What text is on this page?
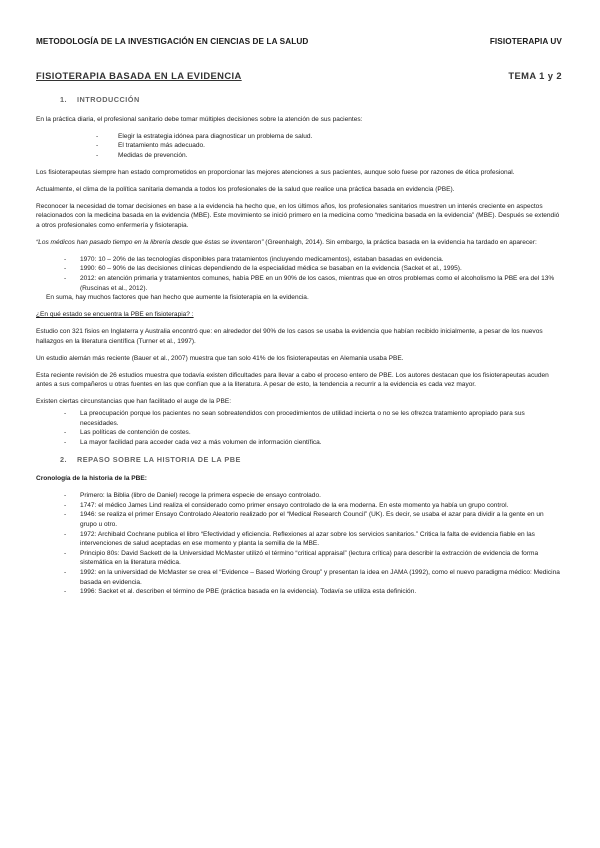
METODOLOGÍA DE LA INVESTIGACIÓN EN CIENCIAS DE LA SALUD	FISIOTERAPIA UV
FISIOTERAPIA BASADA EN LA EVIDENCIA	TEMA 1 y 2
1. INTRODUCCIÓN

En la práctica diaria, el profesional sanitario debe tomar múltiples decisiones sobre la atención de sus pacientes:

- Elegir la estrategia idónea para diagnosticar un problema de salud.
- El tratamiento más adecuado.
- Medidas de prevención.

Los fisioterapeutas siempre han estado comprometidos en proporcionar las mejores atenciones a sus pacientes, aunque solo fuese por razones de ética profesional.

Actualmente, el clima de la política sanitaria demanda a todos los profesionales de la salud que realice una práctica basada en evidencia (PBE).

Reconocer la necesidad de tomar decisiones en base a la evidencia ha hecho que, en los últimos años, los profesionales sanitarios muestren un interés creciente en aspectos relacionados con la medicina basada en la evidencia (MBE). Este movimiento se inició primero en la medicina como “medicina basada en la evidencia” (MBE). Después se extendió a otros profesionales como enfermería y fisioterapia.

“Los médicos han pasado tiempo en la librería desde que éstas se inventaron” (Greenhalgh, 2014). Sin embargo, la práctica basada en la evidencia ha tardado en aparecer:

- 1970: 10 – 20% de las tecnologías disponibles para tratamientos (incluyendo medicamentos), estaban basadas en evidencia.
- 1990: 60 – 90% de las decisiones clínicas dependiendo de la especialidad médica se basaban en la evidencia (Sacket et al., 1995).
- 2012: en atención primaria y tratamientos comunes, había PBE en un 90% de los casos, mientras que en otros problemas como el alcoholismo la PBE era del 13% (Ruscinas et al., 2012).

En suma, hay muchos factores que han hecho que aumente la fisioterapia en la evidencia.

¿En qué estado se encuentra la PBE en fisioterapia? :

Estudio con 321 fisios en Inglaterra y Australia encontró que: en alrededor del 90% de los casos se usaba la evidencia que habían recibido inicialmente, a pesar de los nuevos hallazgos en la literatura científica (Turner et al., 1997).

Un estudio alemán más reciente (Bauer et al., 2007) muestra que tan solo 41% de los fisioterapeutas en Alemania usaba PBE.

Esta reciente revisión de 26 estudios muestra que todavía existen dificultades para llevar a cabo el proceso entero de PBE. Los autores destacan que los fisioterapeutas acuden antes a sus compañeros u otras fuentes en las que confían que a la literatura. A pesar de esto, la tendencia a recurrir a la evidencia es cada vez mayor.

Existen ciertas circunstancias que han facilitado el auge de la PBE:

- La preocupación porque los pacientes no sean sobreatendidos con procedimientos de utilidad incierta o no se les ofrezca tratamiento apropiado para sus necesidades.
- Las políticas de contención de costes.
- La mayor facilidad para acceder cada vez a más volumen de información científica.
2. REPASO SOBRE LA HISTORIA DE LA PBE

Cronología de la historia de la PBE:

- Primero: la Biblia (libro de Daniel) recoge la primera especie de ensayo controlado.
- 1747: el médico James Lind realiza el considerado como primer ensayo controlado de la era moderna. En este momento ya había un grupo control.
- 1946: se realiza el primer Ensayo Controlado Aleatorio realizado por el “Medical Research Council” (UK). Es decir, se usaba el azar para dividir a la gente en un grupo u otro.
- 1972: Archibald Cochrane publica el libro “Efectividad y eficiencia. Reflexiones al azar sobre los servicios sanitarios.” Critica la falta de evidencia fiable en las intervenciones de salud aceptadas en ese momento y planta la semilla de la MBE.
- Principio 80s: David Sackett de la Universidad McMaster utilizó el término “critical appraisal” (lectura crítica) para describir la extracción de evidencia de forma sistemática en la literatura médica.
- 1992: en la universidad de McMaster se crea el “Evidence – Based Working Group” y presentan la idea en JAMA (1992), como el nuevo paradigma médico: Medicina basada en evidencia.
- 1996: Sacket et al. describen el término de PBE (práctica basada en la evidencia). Todavía se utiliza esta definición.
